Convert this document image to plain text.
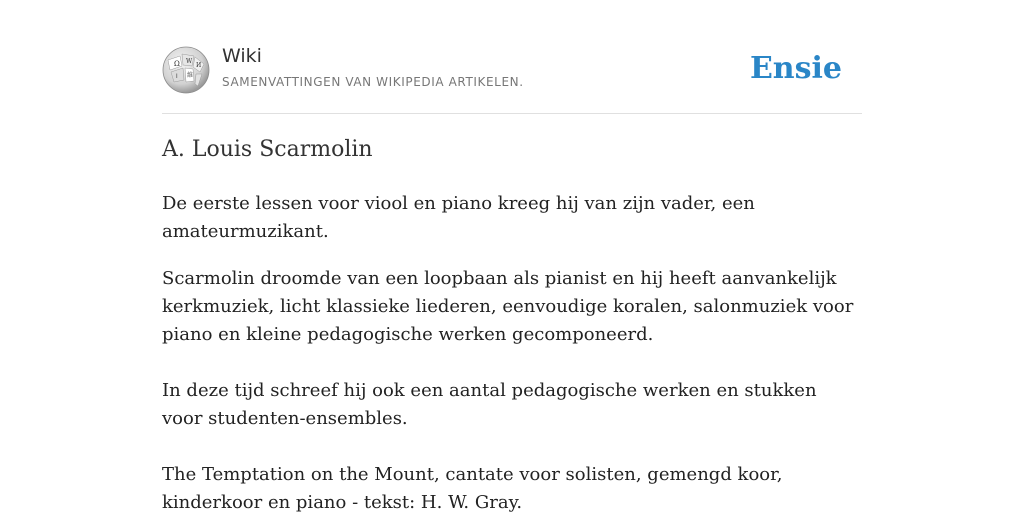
Ω W
И
ا 維
Wiki
SAMENVATTINGEN VAN WIKIPEDIA ARTIKELEN.	Ensie
A. Louis Scarmolin

De eerste lessen voor viool en piano kreeg hij van zijn vader, een amateurmuzikant.

Scarmolin droomde van een loopbaan als pianist en hij heeft aanvankelijk kerkmuziek, licht klassieke liederen, eenvoudige koralen, salonmuziek voor piano en kleine pedagogische werken gecomponeerd.

In deze tijd schreef hij ook een aantal pedagogische werken en stukken voor studenten-ensembles.

The Temptation on the Mount, cantate voor solisten, gemengd koor, kinderkoor en piano - tekst: H. W. Gray.
